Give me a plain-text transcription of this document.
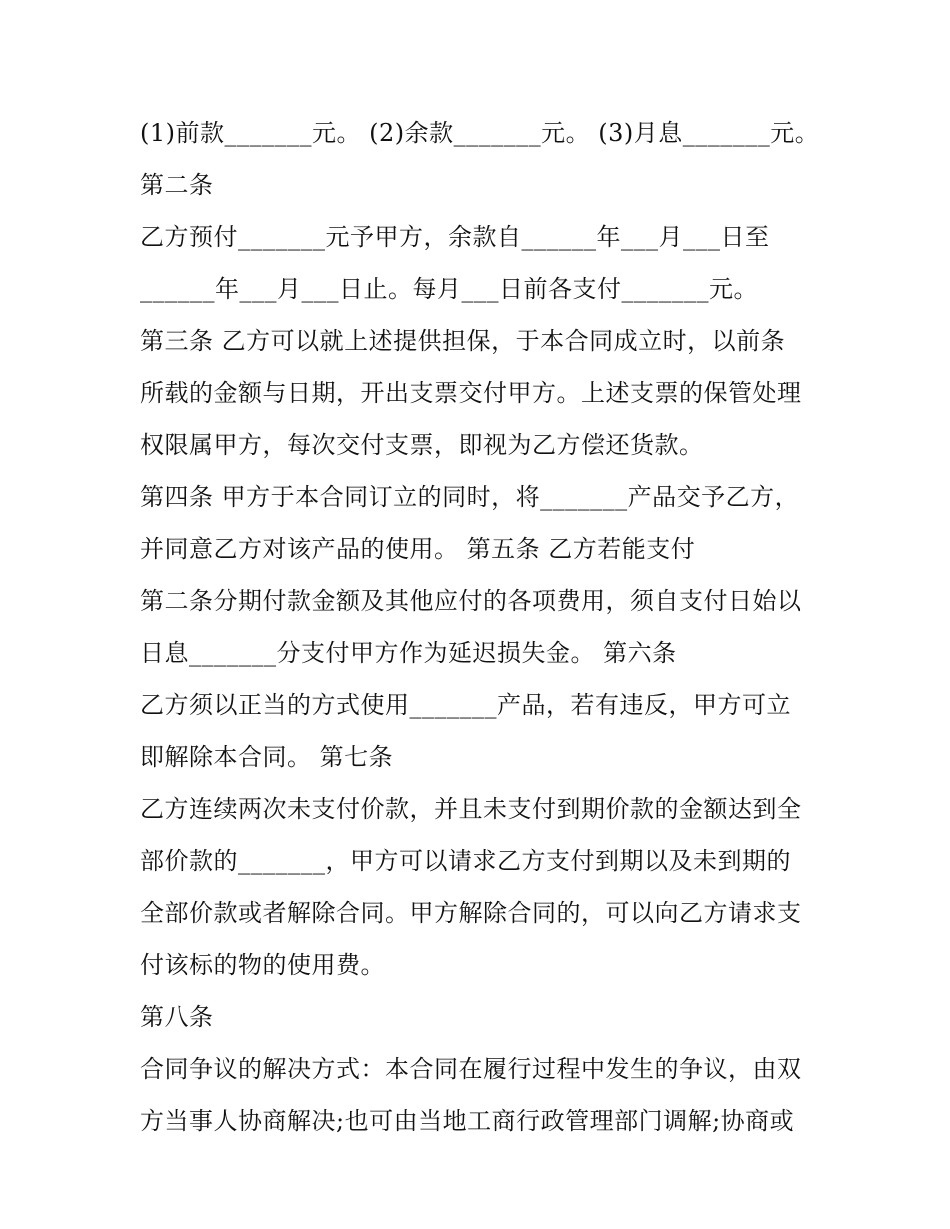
(1)前款_______元。 (2)余款_______元。 (3)月息_______元。
第二条
乙方预付_______元予甲方，余款自______年___月___日至
______年___月___日止。每月___日前各支付_______元。
第三条 乙方可以就上述提供担保，于本合同成立时，以前条
所载的金额与日期，开出支票交付甲方。上述支票的保管处理
权限属甲方，每次交付支票，即视为乙方偿还货款。
第四条 甲方于本合同订立的同时，将_______产品交予乙方，
并同意乙方对该产品的使用。 第五条 乙方若能支付
第二条分期付款金额及其他应付的各项费用，须自支付日始以
日息_______分支付甲方作为延迟损失金。 第六条
乙方须以正当的方式使用_______产品，若有违反，甲方可立
即解除本合同。 第七条
乙方连续两次未支付价款，并且未支付到期价款的金额达到全
部价款的_______，甲方可以请求乙方支付到期以及未到期的
全部价款或者解除合同。甲方解除合同的，可以向乙方请求支
付该标的物的使用费。
第八条
合同争议的解决方式：本合同在履行过程中发生的争议，由双
方当事人协商解决;也可由当地工商行政管理部门调解;协商或
